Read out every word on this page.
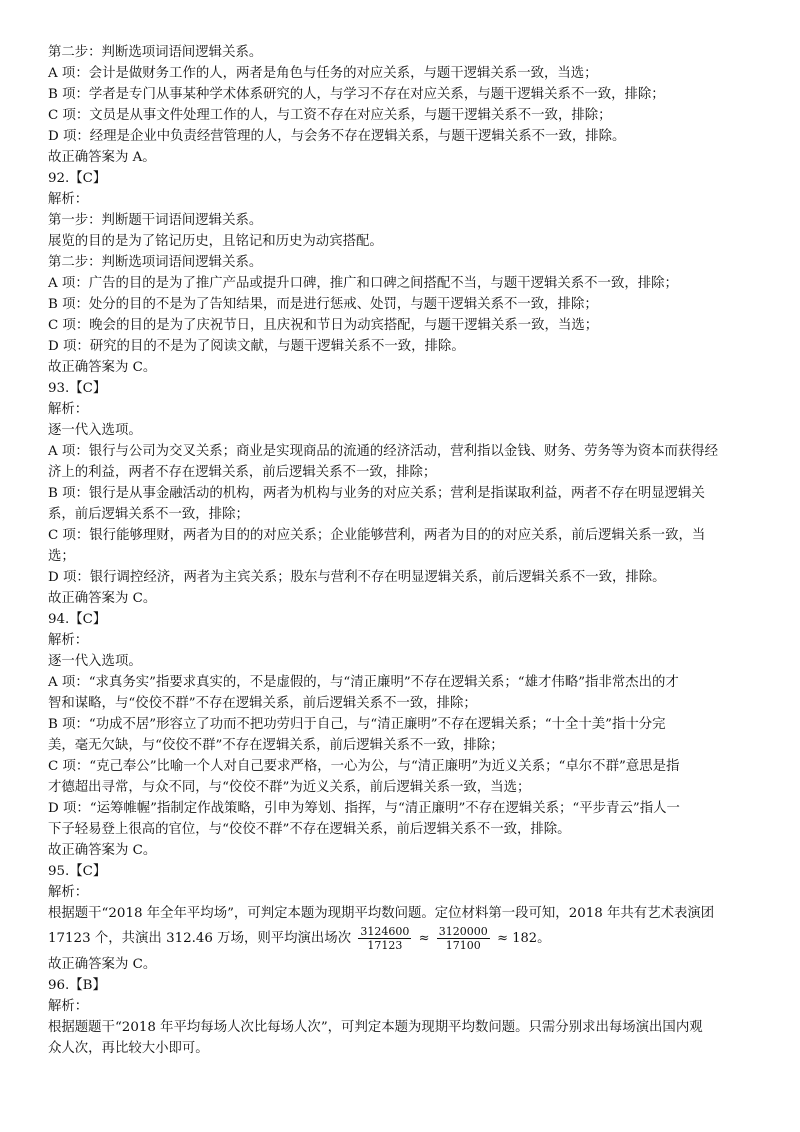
第二步：判断选项词语间逻辑关系。
A 项：会计是做财务工作的人，两者是角色与任务的对应关系，与题干逻辑关系一致，当选；
B 项：学者是专门从事某种学术体系研究的人，与学习不存在对应关系，与题干逻辑关系不一致，排除；
C 项：文员是从事文件处理工作的人，与工资不存在对应关系，与题干逻辑关系不一致，排除；
D 项：经理是企业中负责经营管理的人，与会务不存在逻辑关系，与题干逻辑关系不一致，排除。
故正确答案为 A。
92.【C】
解析：
第一步：判断题干词语间逻辑关系。
展览的目的是为了铭记历史，且铭记和历史为动宾搭配。
第二步：判断选项词语间逻辑关系。
A 项：广告的目的是为了推广产品或提升口碑，推广和口碑之间搭配不当，与题干逻辑关系不一致，排除；
B 项：处分的目的不是为了告知结果，而是进行惩戒、处罚，与题干逻辑关系不一致，排除；
C 项：晚会的目的是为了庆祝节日，且庆祝和节日为动宾搭配，与题干逻辑关系一致，当选；
D 项：研究的目的不是为了阅读文献，与题干逻辑关系不一致，排除。
故正确答案为 C。
93.【C】
解析：
逐一代入选项。
A 项：银行与公司为交叉关系；商业是实现商品的流通的经济活动，营利指以金钱、财务、劳务等为资本而获得经
济上的利益，两者不存在逻辑关系，前后逻辑关系不一致，排除；
B 项：银行是从事金融活动的机构，两者为机构与业务的对应关系；营利是指谋取利益，两者不存在明显逻辑关
系，前后逻辑关系不一致，排除；
C 项：银行能够理财，两者为目的的对应关系；企业能够营利，两者为目的的对应关系，前后逻辑关系一致，当
选；
D 项：银行调控经济，两者为主宾关系；股东与营利不存在明显逻辑关系，前后逻辑关系不一致，排除。
故正确答案为 C。
94.【C】
解析：
逐一代入选项。
A 项：“求真务实”指要求真实的，不是虚假的，与“清正廉明”不存在逻辑关系；“雄才伟略”指非常杰出的才
智和谋略，与“佼佼不群”不存在逻辑关系，前后逻辑关系不一致，排除；
B 项：“功成不居”形容立了功而不把功劳归于自己，与“清正廉明”不存在逻辑关系；“十全十美”指十分完
美，毫无欠缺，与“佼佼不群”不存在逻辑关系，前后逻辑关系不一致，排除；
C 项：“克己奉公”比喻一个人对自己要求严格，一心为公，与“清正廉明”为近义关系；“卓尔不群”意思是指
才德超出寻常，与众不同，与“佼佼不群”为近义关系，前后逻辑关系一致，当选；
D 项：“运筹帷幄”指制定作战策略，引申为筹划、指挥，与“清正廉明”不存在逻辑关系；“平步青云”指人一
下子轻易登上很高的官位，与“佼佼不群”不存在逻辑关系，前后逻辑关系不一致，排除。
故正确答案为 C。
95.【C】
解析：
根据题干“2018 年全年平均场”，可判定本题为现期平均数问题。定位材料第一段可知，2018 年共有艺术表演团
17123 个，共演出 312.46 万场，则平均演出场次 $\frac{3124600}{17123} \approx \frac{3120000}{17100} \approx 182$。
故正确答案为 C。
96.【B】
解析：
根据题题干“2018 年平均每场人次比每场人次”，可判定本题为现期平均数问题。只需分别求出每场演出国内观
众人次，再比较大小即可。
